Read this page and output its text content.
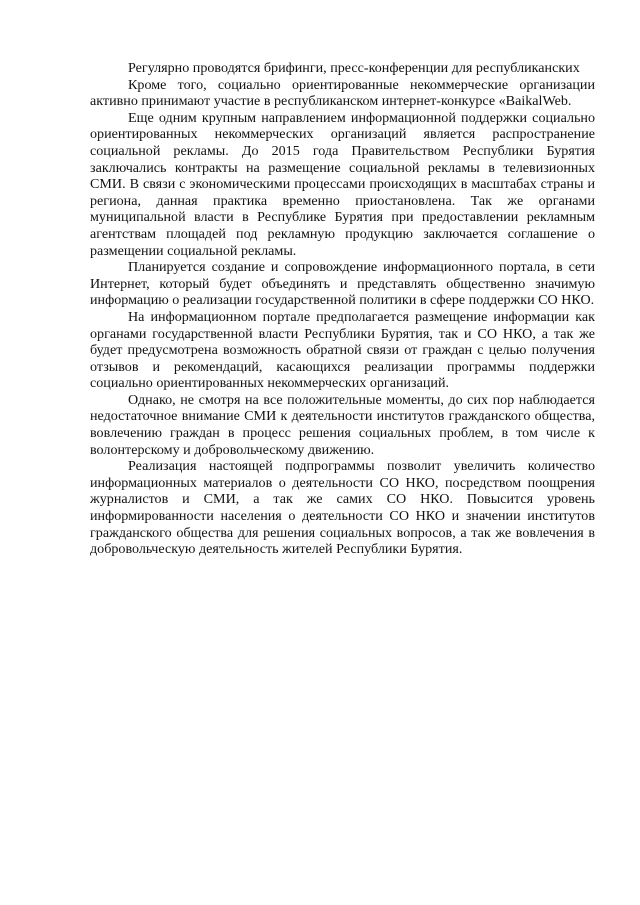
Регулярно проводятся брифинги, пресс-конференции для республиканских

Кроме того, социально ориентированные некоммерческие организации активно принимают участие в республиканском интернет-конкурсе «BaikalWeb.

Еще одним крупным направлением информационной поддержки социально ориентированных некоммерческих организаций является распространение социальной рекламы. До 2015 года Правительством Республики Бурятия заключались контракты на размещение социальной рекламы в телевизионных СМИ. В связи с экономическими процессами происходящих в масштабах страны и региона, данная практика временно приостановлена. Так же органами муниципальной власти в Республике Бурятия при предоставлении рекламным агентствам площадей под рекламную продукцию заключается соглашение о размещении социальной рекламы.

Планируется создание и сопровождение информационного портала, в сети Интернет, который будет объединять и представлять общественно значимую информацию о реализации государственной политики в сфере поддержки СО НКО.

На информационном портале предполагается размещение информации как органами государственной власти Республики Бурятия, так и СО НКО, а так же будет предусмотрена возможность обратной связи от граждан с целью получения отзывов и рекомендаций, касающихся реализации программы поддержки социально ориентированных некоммерческих организаций.

Однако, не смотря на все положительные моменты, до сих пор наблюдается недостаточное внимание СМИ к деятельности институтов гражданского общества, вовлечению граждан в процесс решения социальных проблем, в том числе к волонтерскому и добровольческому движению.

Реализация настоящей подпрограммы позволит увеличить количество информационных материалов о деятельности СО НКО, посредством поощрения журналистов и СМИ, а так же самих СО НКО. Повысится уровень информированности населения о деятельности СО НКО и значении институтов гражданского общества для решения социальных вопросов, а так же вовлечения в добровольческую деятельность жителей Республики Бурятия.
